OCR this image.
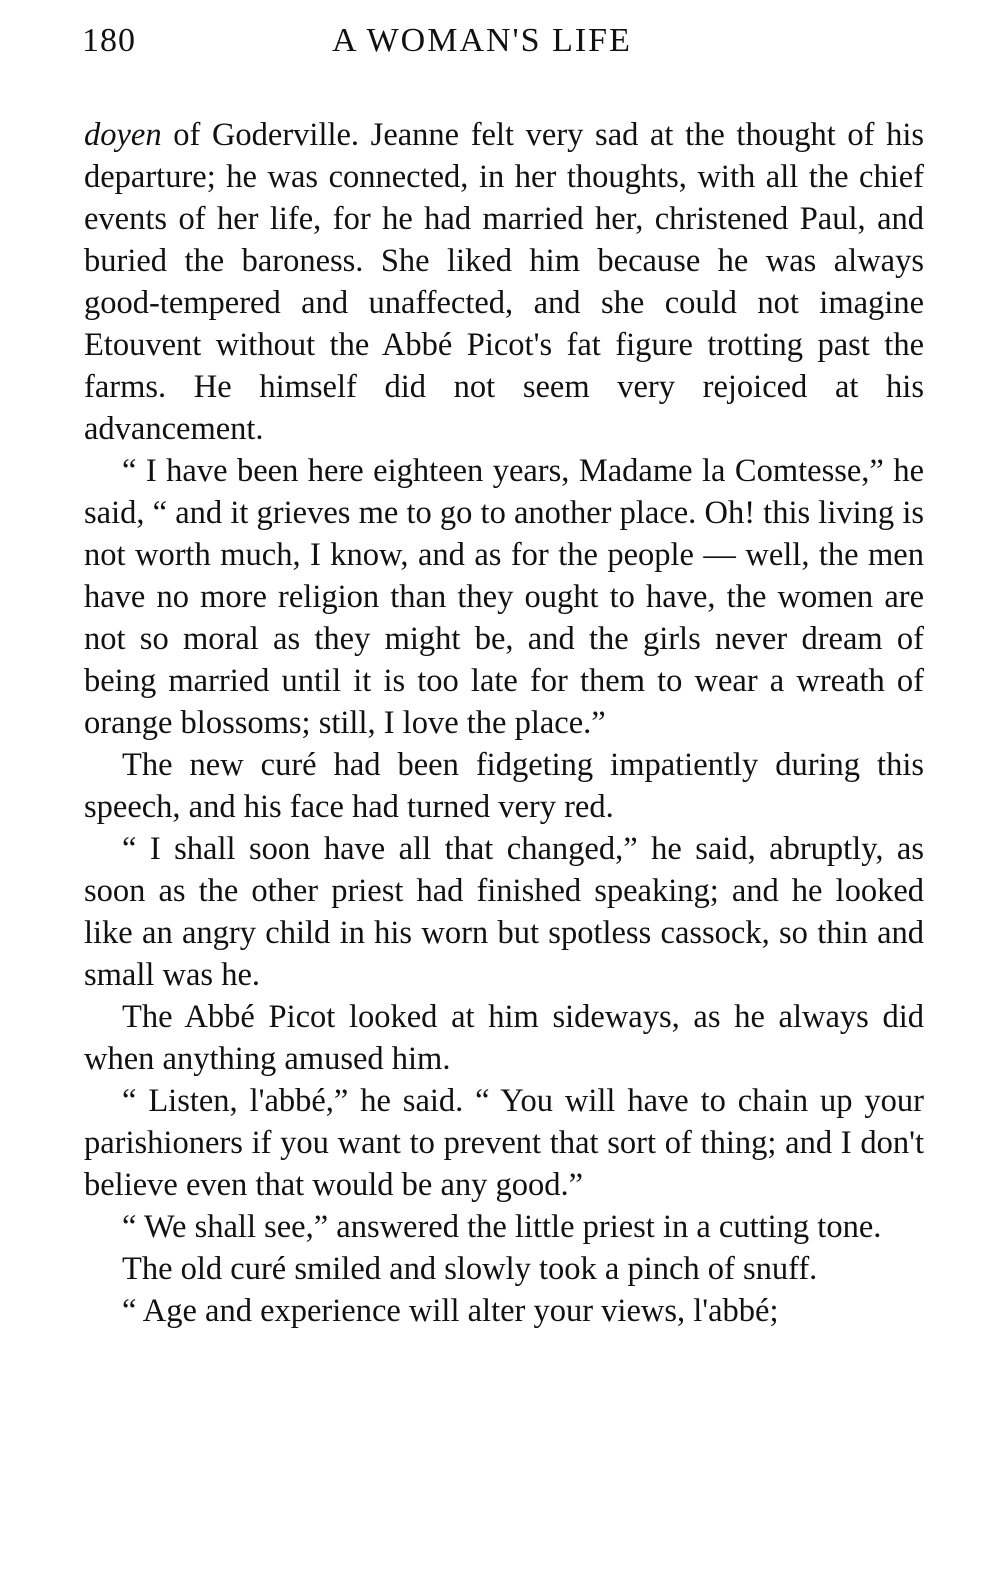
180	A WOMAN'S LIFE

doyen of Goderville. Jeanne felt very sad at the thought of his departure; he was connected, in her thoughts, with all the chief events of her life, for he had married her, christened Paul, and buried the baroness. She liked him because he was always good-tempered and unaffected, and she could not imagine Etouvent without the Abbé Picot's fat figure trotting past the farms. He himself did not seem very rejoiced at his advancement.

“ I have been here eighteen years, Madame la Comtesse,” he said, “ and it grieves me to go to another place. Oh! this living is not worth much, I know, and as for the people — well, the men have no more religion than they ought to have, the women are not so moral as they might be, and the girls never dream of being married until it is too late for them to wear a wreath of orange blossoms; still, I love the place.”

The new curé had been fidgeting impatiently during this speech, and his face had turned very red.

“ I shall soon have all that changed,” he said, abruptly, as soon as the other priest had finished speaking; and he looked like an angry child in his worn but spotless cassock, so thin and small was he.

The Abbé Picot looked at him sideways, as he always did when anything amused him.

“ Listen, l'abbé,” he said. “ You will have to chain up your parishioners if you want to prevent that sort of thing; and I don't believe even that would be any good.”

“ We shall see,” answered the little priest in a cutting tone.

The old curé smiled and slowly took a pinch of snuff.

“ Age and experience will alter your views, l'abbé;
